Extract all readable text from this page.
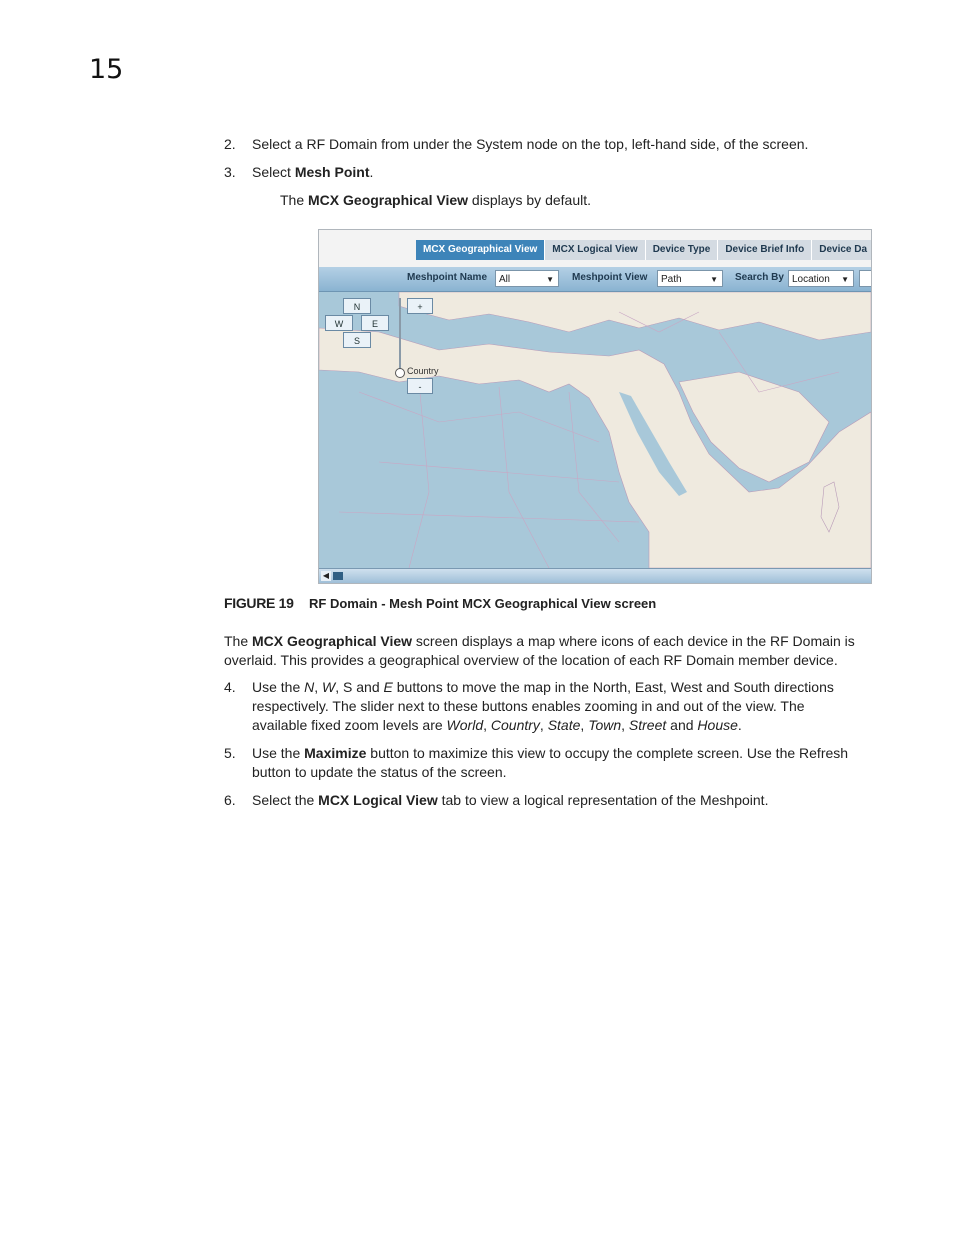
15
2. Select a RF Domain from under the System node on the top, left-hand side, of the screen.
3. Select Mesh Point.
The MCX Geographical View displays by default.
MCX Geographical View	MCX Logical View	Device Type	Device Brief Info	Device Da
Meshpoint Name	All	▼ Meshpoint View	Path	▼ Search By Location ▼
N
W	E
S
+
Country
-
◀
FIGURE 19 RF Domain - Mesh Point MCX Geographical View screen
The MCX Geographical View screen displays a map where icons of each device in the RF Domain is
overlaid. This provides a geographical overview of the location of each RF Domain member device.
4. Use the N, W, S and E buttons to move the map in the North, East, West and South directions
respectively. The slider next to these buttons enables zooming in and out of the view. The
available fixed zoom levels are World, Country, State, Town, Street and House.
5. Use the Maximize button to maximize this view to occupy the complete screen. Use the Refresh
button to update the status of the screen.
6. Select the MCX Logical View tab to view a logical representation of the Meshpoint.
